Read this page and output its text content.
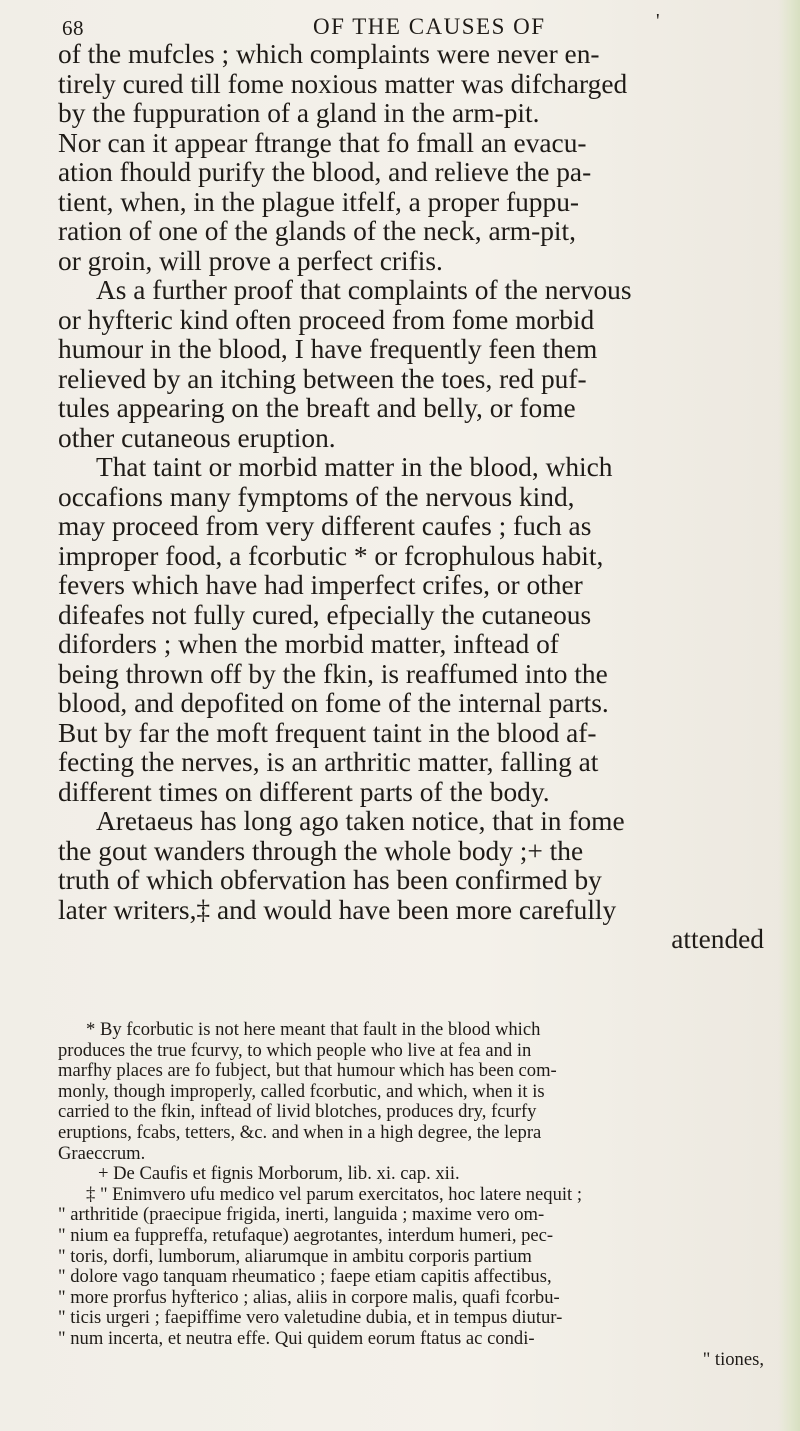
68	OF THE CAUSES OF	'
of the mufcles ; which complaints were never en-
tirely cured till fome noxious matter was difcharged
by the fuppuration of a gland in the arm-pit.
Nor can it appear ftrange that fo fmall an evacu-
ation fhould purify the blood, and relieve the pa-
tient, when, in the plague itfelf, a proper fuppu-
ration of one of the glands of the neck, arm-pit,
or groin, will prove a perfect crifis.
As a further proof that complaints of the nervous
or hyfteric kind often proceed from fome morbid
humour in the blood, I have frequently feen them
relieved by an itching between the toes, red puf-
tules appearing on the breaft and belly, or fome
other cutaneous eruption.
That taint or morbid matter in the blood, which
occafions many fymptoms of the nervous kind,
may proceed from very different caufes ; fuch as
improper food, a fcorbutic * or fcrophulous habit,
fevers which have had imperfect crifes, or other
difeafes not fully cured, efpecially the cutaneous
diforders ; when the morbid matter, inftead of
being thrown off by the fkin, is reaffumed into the
blood, and depofited on fome of the internal parts.
But by far the moft frequent taint in the blood af-
fecting the nerves, is an arthritic matter, falling at
different times on different parts of the body.
Aretaeus has long ago taken notice, that in fome
the gout wanders through the whole body ;+ the
truth of which obfervation has been confirmed by
later writers,‡ and would have been more carefully
attended
* By fcorbutic is not here meant that fault in the blood which
produces the true fcurvy, to which people who live at fea and in
marfhy places are fo fubject, but that humour which has been com-
monly, though improperly, called fcorbutic, and which, when it is
carried to the fkin, inftead of livid blotches, produces dry, fcurfy
eruptions, fcabs, tetters, &c. and when in a high degree, the lepra
Graeccrum.
+ De Caufis et fignis Morborum, lib. xi. cap. xii.
‡ " Enimvero ufu medico vel parum exercitatos, hoc latere nequit ;
" arthritide (praecipue frigida, inerti, languida ; maxime vero om-
" nium ea fuppreffa, retufaque) aegrotantes, interdum humeri, pec-
" toris, dorfi, lumborum, aliarumque in ambitu corporis partium
" dolore vago tanquam rheumatico ; faepe etiam capitis affectibus,
" more prorfus hyfterico ; alias, aliis in corpore malis, quafi fcorbu-
" ticis urgeri ; faepiffime vero valetudine dubia, et in tempus diutur-
" num incerta, et neutra effe. Qui quidem eorum ftatus ac condi-
" tiones,
